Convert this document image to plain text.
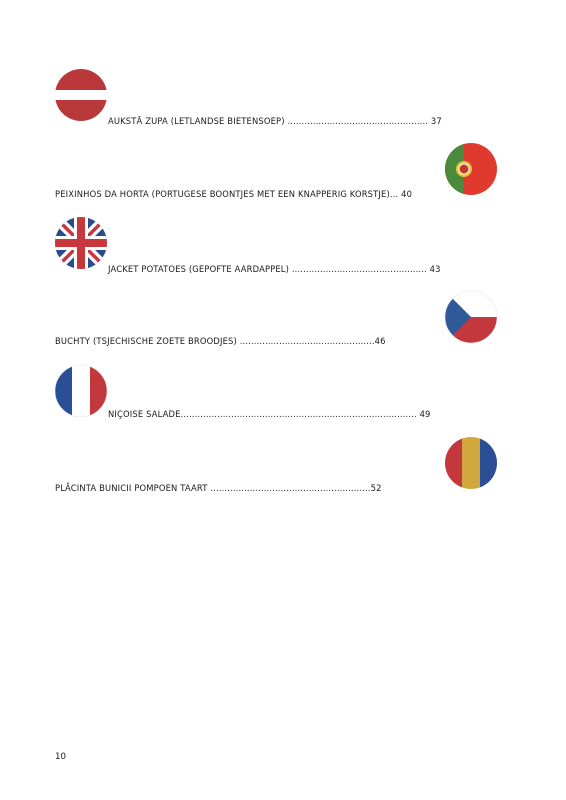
AUKSTĀ ZUPA (LETLANDSE BIETENSOEP) .................................................. 37
PEIXINHOS DA HORTA (PORTUGESE BOONTJES MET EEN KNAPPERIG KORSTJE)... 40
JACKET POTATOES (GEPOFTE AARDAPPEL) ................................................ 43
BUCHTY (TSJECHISCHE ZOETE BROODJES) ................................................46
NIÇOISE SALADE.................................................................................... 49
PLĂCINTA BUNICII POMPOEN TAART .........................................................52
10
